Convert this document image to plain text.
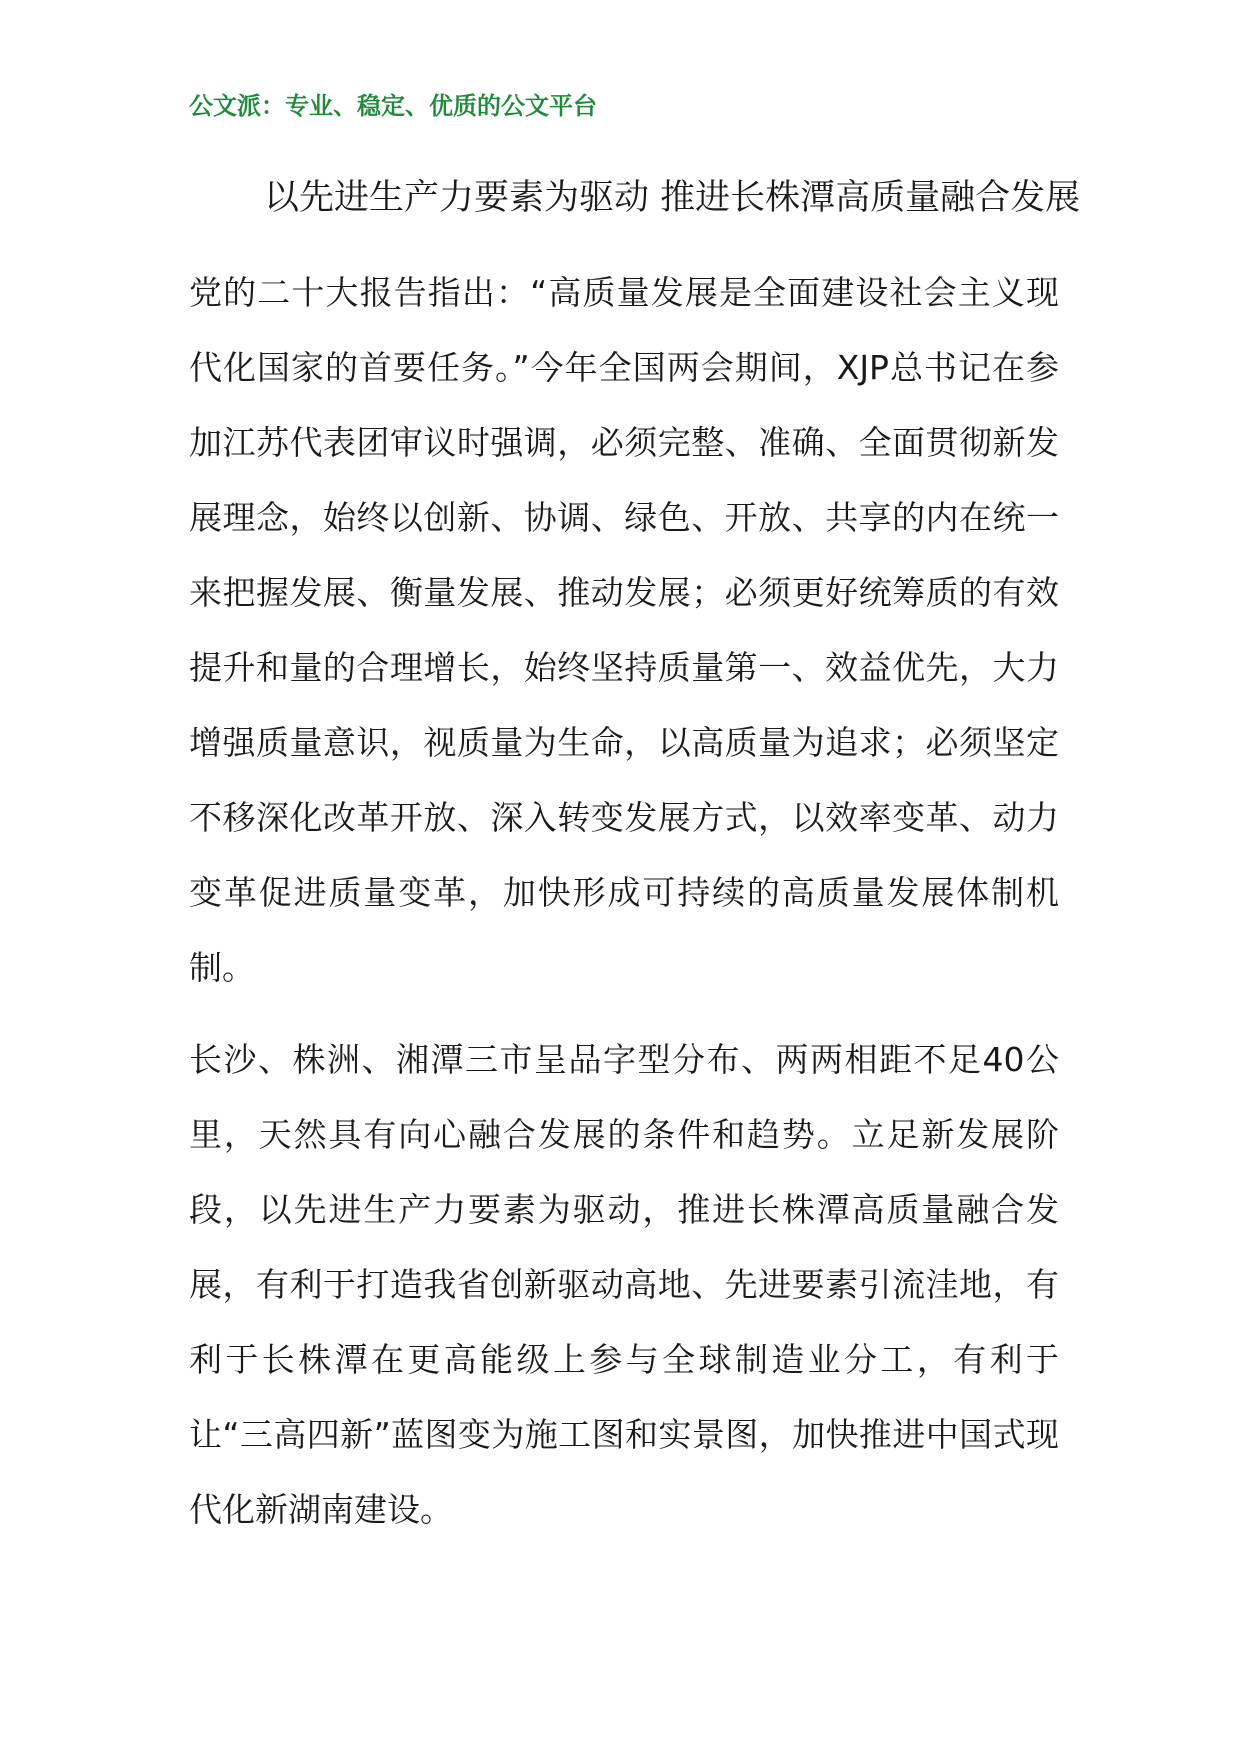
公文派：专业、稳定、优质的公文平台
以先进生产力要素为驱动 推进长株潭高质量融合发展

党的二十大报告指出：“高质量发展是全面建设社会主义现代化国家的首要任务。”今年全国两会期间，XJP总书记在参加江苏代表团审议时强调，必须完整、准确、全面贯彻新发展理念，始终以创新、协调、绿色、开放、共享的内在统一来把握发展、衡量发展、推动发展；必须更好统筹质的有效提升和量的合理增长，始终坚持质量第一、效益优先，大力增强质量意识，视质量为生命，以高质量为追求；必须坚定不移深化改革开放、深入转变发展方式，以效率变革、动力变革促进质量变革，加快形成可持续的高质量发展体制机制。

长沙、株洲、湘潭三市呈品字型分布、两两相距不足40公里，天然具有向心融合发展的条件和趋势。立足新发展阶段，以先进生产力要素为驱动，推进长株潭高质量融合发展，有利于打造我省创新驱动高地、先进要素引流洼地，有利于长株潭在更高能级上参与全球制造业分工，有利于让“三高四新”蓝图变为施工图和实景图，加快推进中国式现代化新湖南建设。
